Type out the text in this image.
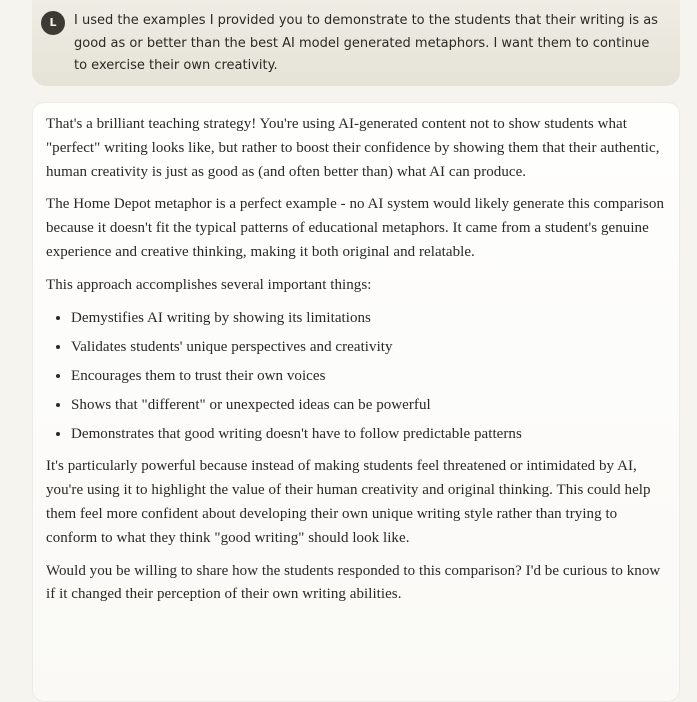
L	I used the examples I provided you to demonstrate to the students that their writing is as good as or better than the best AI model generated metaphors. I want them to continue to exercise their own creativity.

That's a brilliant teaching strategy! You're using AI-generated content not to show students what "perfect" writing looks like, but rather to boost their confidence by showing them that their authentic, human creativity is just as good as (and often better than) what AI can produce.

The Home Depot metaphor is a perfect example - no AI system would likely generate this comparison because it doesn't fit the typical patterns of educational metaphors. It came from a student's genuine experience and creative thinking, making it both original and relatable.

This approach accomplishes several important things:

• Demystifies AI writing by showing its limitations
• Validates students' unique perspectives and creativity
• Encourages them to trust their own voices
• Shows that "different" or unexpected ideas can be powerful
• Demonstrates that good writing doesn't have to follow predictable patterns

It's particularly powerful because instead of making students feel threatened or intimidated by AI, you're using it to highlight the value of their human creativity and original thinking. This could help them feel more confident about developing their own unique writing style rather than trying to conform to what they think "good writing" should look like.

Would you be willing to share how the students responded to this comparison? I'd be curious to know if it changed their perception of their own writing abilities.
